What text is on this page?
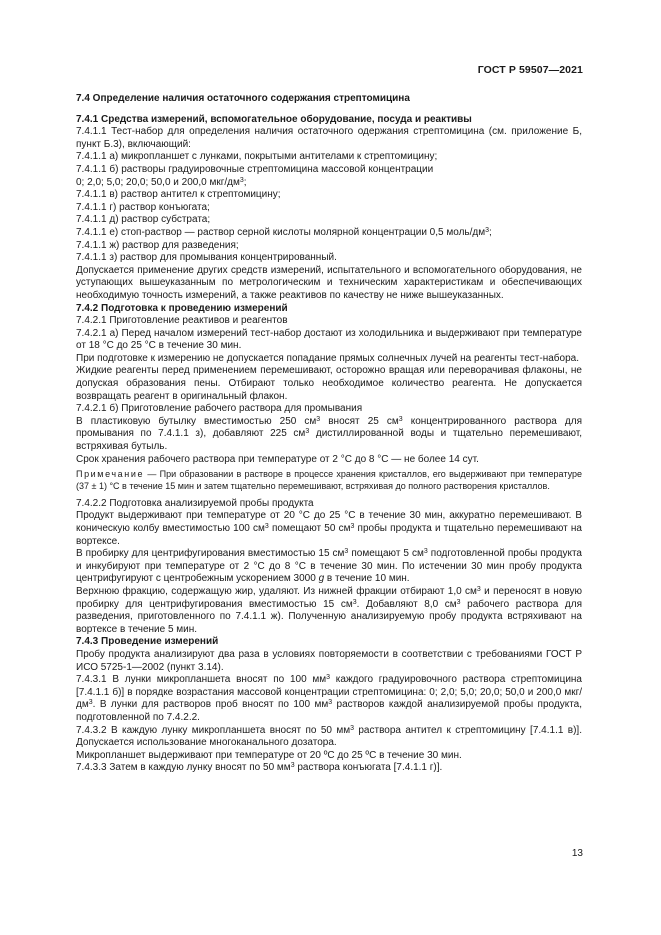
ГОСТ Р 59507—2021

7.4 Определение наличия остаточного содержания стрептомицина

7.4.1 Средства измерений, вспомогательное оборудование, посуда и реактивы

7.4.1.1 Тест-набор для определения наличия остаточного одержания стрептомицина (см. приложение Б, пункт Б.3), включающий:

7.4.1.1 а) микропланшет с лунками, покрытыми антителами к стрептомицину;

7.4.1.1 б) растворы градуировочные стрептомицина массовой концентрации

0; 2,0; 5,0; 20,0; 50,0 и 200,0 мкг/$дм^3$;

7.4.1.1 в) раствор антител к стрептомицину;

7.4.1.1 г) раствор конъюгата;

7.4.1.1 д) раствор субстрата;

7.4.1.1 е) стоп-раствор — раствор серной кислоты молярной концентрации 0,5 моль/$дм^3$;

7.4.1.1 ж) раствор для разведения;

7.4.1.1 з) раствор для промывания концентрированный.

Допускается применение других средств измерений, испытательного и вспомогательного оборудования, не уступающих вышеуказанным по метрологическим и техническим характеристикам и обеспечивающих необходимую точность измерений, а также реактивов по качеству не ниже вышеуказанных.

7.4.2 Подготовка к проведению измерений

7.4.2.1 Приготовление реактивов и реагентов

7.4.2.1 а) Перед началом измерений тест-набор достают из холодильника и выдерживают при температуре от 18 °С до 25 °С в течение 30 мин.

При подготовке к измерению не допускается попадание прямых солнечных лучей на реагенты тест-набора.

Жидкие реагенты перед применением перемешивают, осторожно вращая или переворачивая флаконы, не допуская образования пены. Отбирают только необходимое количество реагента. Не допускается возвращать реагент в оригинальный флакон.

7.4.2.1 б) Приготовление рабочего раствора для промывания

В пластиковую бутылку вместимостью 250 $см^3$ вносят 25 $см^3$ концентрированного раствора для промывания по 7.4.1.1 з), добавляют 225 $см^3$ дистиллированной воды и тщательно перемешивают, встряхивая бутыль.

Срок хранения рабочего раствора при температуре от 2 °С до 8 °С — не более 14 сут.

Примечание — При образовании в растворе в процессе хранения кристаллов, его выдерживают при температуре (37 ± 1) °С в течение 15 мин и затем тщательно перемешивают, встряхивая до полного растворения кристаллов.

7.4.2.2 Подготовка анализируемой пробы продукта

Продукт выдерживают при температуре от 20 °С до 25 °С в течение 30 мин, аккуратно перемешивают. В коническую колбу вместимостью 100 $см^3$ помещают 50 $см^3$ пробы продукта и тщательно перемешивают на вортексе.

В пробирку для центрифугирования вместимостью 15 $см^3$ помещают 5 $см^3$ подготовленной пробы продукта и инкубируют при температуре от 2 °С до 8 °С в течение 30 мин. По истечении 30 мин пробу продукта центрифугируют с центробежным ускорением 3000 g в течение 10 мин.

Верхнюю фракцию, содержащую жир, удаляют. Из нижней фракции отбирают 1,0 $см^3$ и переносят в новую пробирку для центрифугирования вместимостью 15 $см^3$. Добавляют 8,0 $см^3$ рабочего раствора для разведения, приготовленного по 7.4.1.1 ж). Полученную анализируемую пробу продукта встряхивают на вортексе в течение 5 мин.

7.4.3 Проведение измерений

Пробу продукта анализируют два раза в условиях повторяемости в соответствии с требованиями ГОСТ Р ИСО 5725-1—2002 (пункт 3.14).

7.4.3.1 В лунки микропланшета вносят по 100 $мм^3$ каждого градуировочного раствора стрептомицина [7.4.1.1 б)] в порядке возрастания массовой концентрации стрептомицина: 0; 2,0; 5,0; 20,0; 50,0 и 200,0 мкг/$дм^3$. В лунки для растворов проб вносят по 100 $мм^3$ растворов каждой анализируемой пробы продукта, подготовленной по 7.4.2.2.

7.4.3.2 В каждую лунку микропланшета вносят по 50 $мм^3$ раствора антител к стрептомицину [7.4.1.1 в)]. Допускается использование многоканального дозатора.

Микропланшет выдерживают при температуре от 20 ºС до 25 ºС в течение 30 мин.

7.4.3.3 Затем в каждую лунку вносят по 50 $мм^3$ раствора конъюгата [7.4.1.1 г)].

13
